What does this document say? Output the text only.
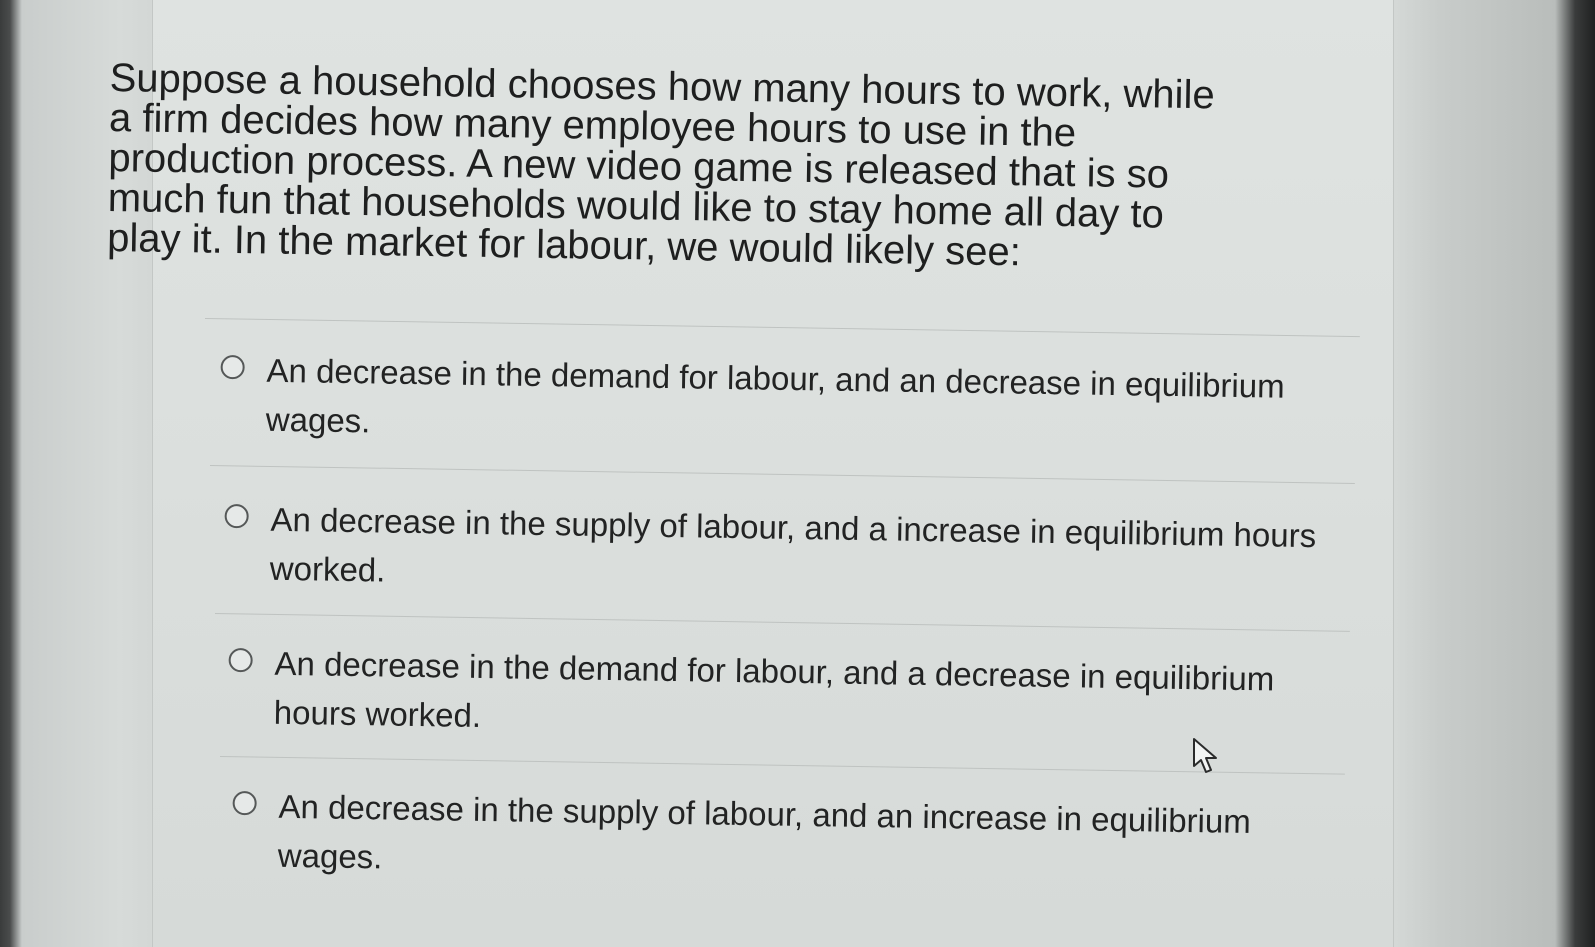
Suppose a household chooses how many hours to work, while a firm decides how many employee hours to use in the production process. A new video game is released that is so much fun that households would like to stay home all day to play it. In the market for labour, we would likely see:

An decrease in the demand for labour, and an decrease in equilibrium wages.
An decrease in the supply of labour, and a increase in equilibrium hours worked.
An decrease in the demand for labour, and a decrease in equilibrium hours worked.
An decrease in the supply of labour, and an increase in equilibrium wages.
